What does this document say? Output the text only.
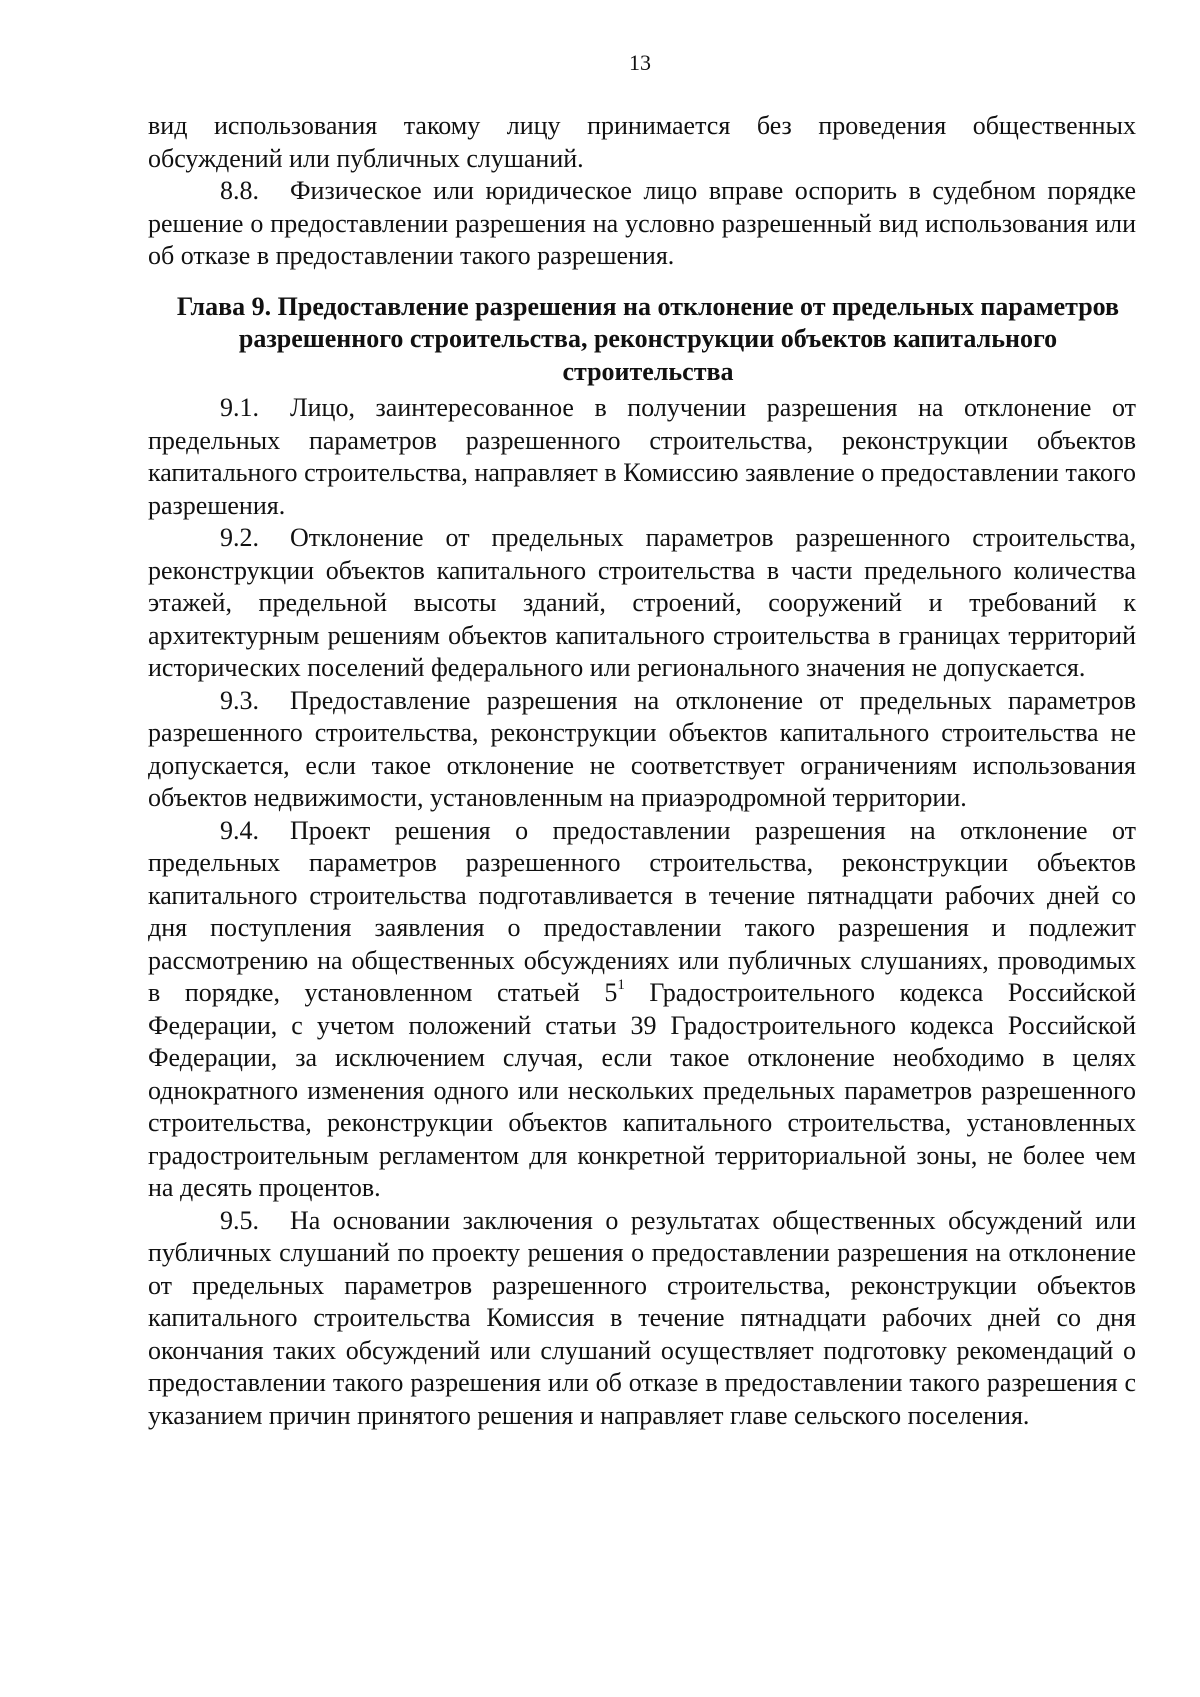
13

вид использования такому лицу принимается без проведения общественных обсуждений или публичных слушаний.

8.8. Физическое или юридическое лицо вправе оспорить в судебном порядке решение о предоставлении разрешения на условно разрешенный вид использования или об отказе в предоставлении такого разрешения.

Глава 9. Предоставление разрешения на отклонение от предельных параметров разрешенного строительства, реконструкции объектов капитального строительства

9.1. Лицо, заинтересованное в получении разрешения на отклонение от предельных параметров разрешенного строительства, реконструкции объектов капитального строительства, направляет в Комиссию заявление о предоставлении такого разрешения.

9.2. Отклонение от предельных параметров разрешенного строительства, реконструкции объектов капитального строительства в части предельного количества этажей, предельной высоты зданий, строений, сооружений и требований к архитектурным решениям объектов капитального строительства в границах территорий исторических поселений федерального или регионального значения не допускается.

9.3. Предоставление разрешения на отклонение от предельных параметров разрешенного строительства, реконструкции объектов капитального строительства не допускается, если такое отклонение не соответствует ограничениям использования объектов недвижимости, установленным на приаэродромной территории.

9.4. Проект решения о предоставлении разрешения на отклонение от предельных параметров разрешенного строительства, реконструкции объектов капитального строительства подготавливается в течение пятнадцати рабочих дней со дня поступления заявления о предоставлении такого разрешения и подлежит рассмотрению на общественных обсуждениях или публичных слушаниях, проводимых в порядке, установленном статьей $5^1$ Градостроительного кодекса Российской Федерации, с учетом положений статьи 39 Градостроительного кодекса Российской Федерации, за исключением случая, если такое отклонение необходимо в целях однократного изменения одного или нескольких предельных параметров разрешенного строительства, реконструкции объектов капитального строительства, установленных градостроительным регламентом для конкретной территориальной зоны, не более чем на десять процентов.

9.5. На основании заключения о результатах общественных обсуждений или публичных слушаний по проекту решения о предоставлении разрешения на отклонение от предельных параметров разрешенного строительства, реконструкции объектов капитального строительства Комиссия в течение пятнадцати рабочих дней со дня окончания таких обсуждений или слушаний осуществляет подготовку рекомендаций о предоставлении такого разрешения или об отказе в предоставлении такого разрешения с указанием причин принятого решения и направляет главе сельского поселения.
